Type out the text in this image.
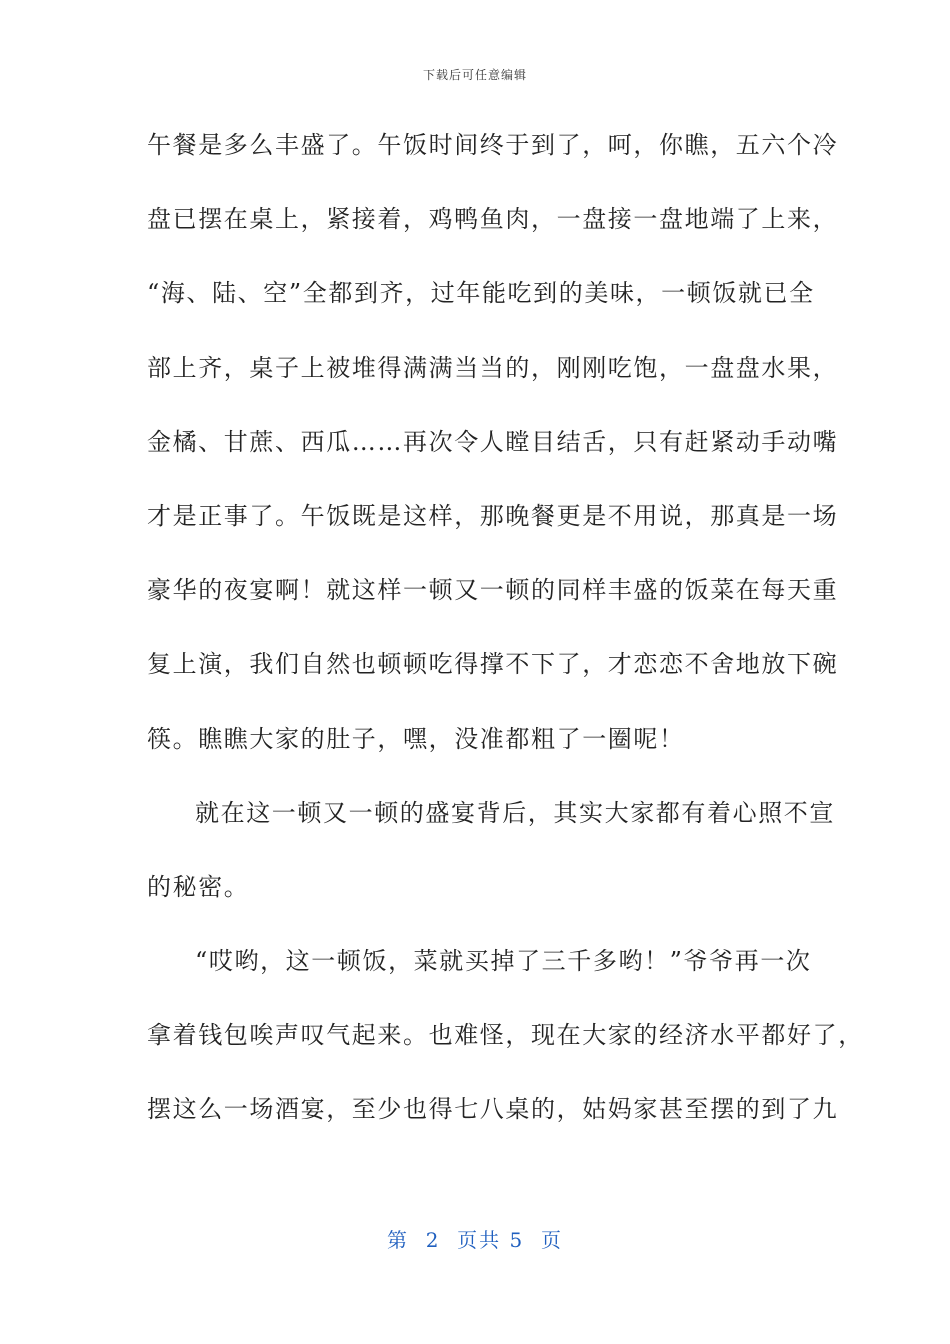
下载后可任意编辑
午餐是多么丰盛了。午饭时间终于到了，呵，你瞧，五六个冷
盘已摆在桌上，紧接着，鸡鸭鱼肉，一盘接一盘地端了上来，
“海、陆、空”全都到齐，过年能吃到的美味，一顿饭就已全
部上齐，桌子上被堆得满满当当的，刚刚吃饱，一盘盘水果，
金橘、甘蔗、西瓜……再次令人瞠目结舌，只有赶紧动手动嘴
才是正事了。午饭既是这样，那晚餐更是不用说，那真是一场
豪华的夜宴啊！就这样一顿又一顿的同样丰盛的饭菜在每天重
复上演，我们自然也顿顿吃得撑不下了，才恋恋不舍地放下碗
筷。瞧瞧大家的肚子，嘿，没准都粗了一圈呢！
就在这一顿又一顿的盛宴背后，其实大家都有着心照不宣
的秘密。
“哎哟，这一顿饭，菜就买掉了三千多哟！”爷爷再一次
拿着钱包唉声叹气起来。也难怪，现在大家的经济水平都好了，
摆这么一场酒宴，至少也得七八桌的，姑妈家甚至摆的到了九
第  2  页共 5  页
